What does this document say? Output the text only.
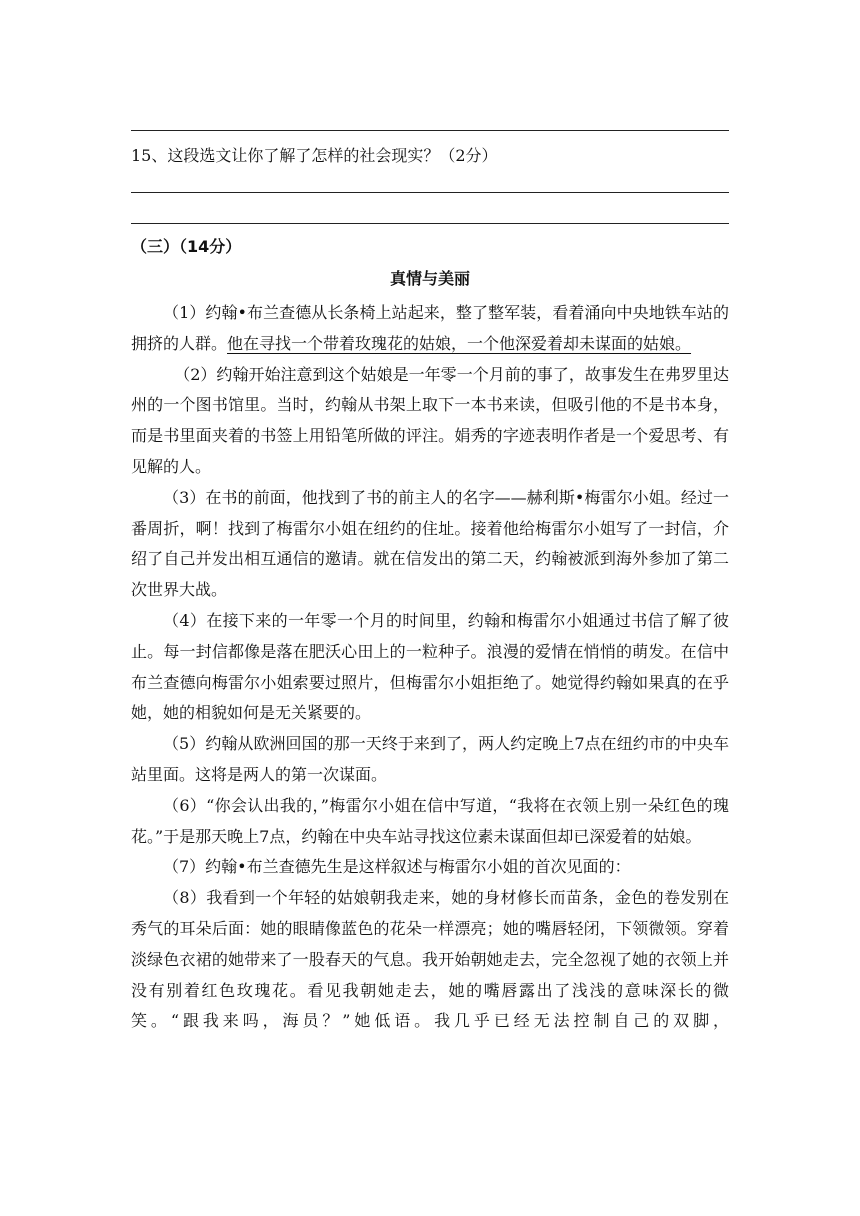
15、这段选文让你了解了怎样的社会现实？（2分）
（三）（14分）
真情与美丽

（1）约翰•布兰查德从长条椅上站起来，整了整军装，看着涌向中央地铁车站的拥挤的人群。他在寻找一个带着玫瑰花的姑娘，一个他深爱着却未谋面的姑娘。

（2）约翰开始注意到这个姑娘是一年零一个月前的事了，故事发生在弗罗里达州的一个图书馆里。当时，约翰从书架上取下一本书来读，但吸引他的不是书本身，而是书里面夹着的书签上用铅笔所做的评注。娟秀的字迹表明作者是一个爱思考、有见解的人。

（3）在书的前面，他找到了书的前主人的名字——赫利斯•梅雷尔小姐。经过一番周折，啊！找到了梅雷尔小姐在纽约的住址。接着他给梅雷尔小姐写了一封信，介绍了自己并发出相互通信的邀请。就在信发出的第二天，约翰被派到海外参加了第二次世界大战。

（4）在接下来的一年零一个月的时间里，约翰和梅雷尔小姐通过书信了解了彼止。每一封信都像是落在肥沃心田上的一粒种子。浪漫的爱情在悄悄的萌发。在信中布兰查德向梅雷尔小姐索要过照片，但梅雷尔小姐拒绝了。她觉得约翰如果真的在乎她，她的相貌如何是无关紧要的。

（5）约翰从欧洲回国的那一天终于来到了，两人约定晚上7点在纽约市的中央车站里面。这将是两人的第一次谋面。

（6）“你会认出我的，”梅雷尔小姐在信中写道，“我将在衣领上别一朵红色的瑰花。”于是那天晚上7点，约翰在中央车站寻找这位素未谋面但却已深爱着的姑娘。

（7）约翰•布兰查德先生是这样叙述与梅雷尔小姐的首次见面的：

（8）我看到一个年轻的姑娘朝我走来，她的身材修长而苗条，金色的卷发别在秀气的耳朵后面：她的眼睛像蓝色的花朵一样漂亮；她的嘴唇轻闭，下领微领。穿着淡绿色衣裙的她带来了一股春天的气息。我开始朝她走去，完全忽视了她的衣领上并没有别着红色玫瑰花。看见我朝她走去，她的嘴唇露出了浅浅的意味深长的微笑。“跟我来吗，海员？”她低语。我几乎已经无法控制自己的双脚，
